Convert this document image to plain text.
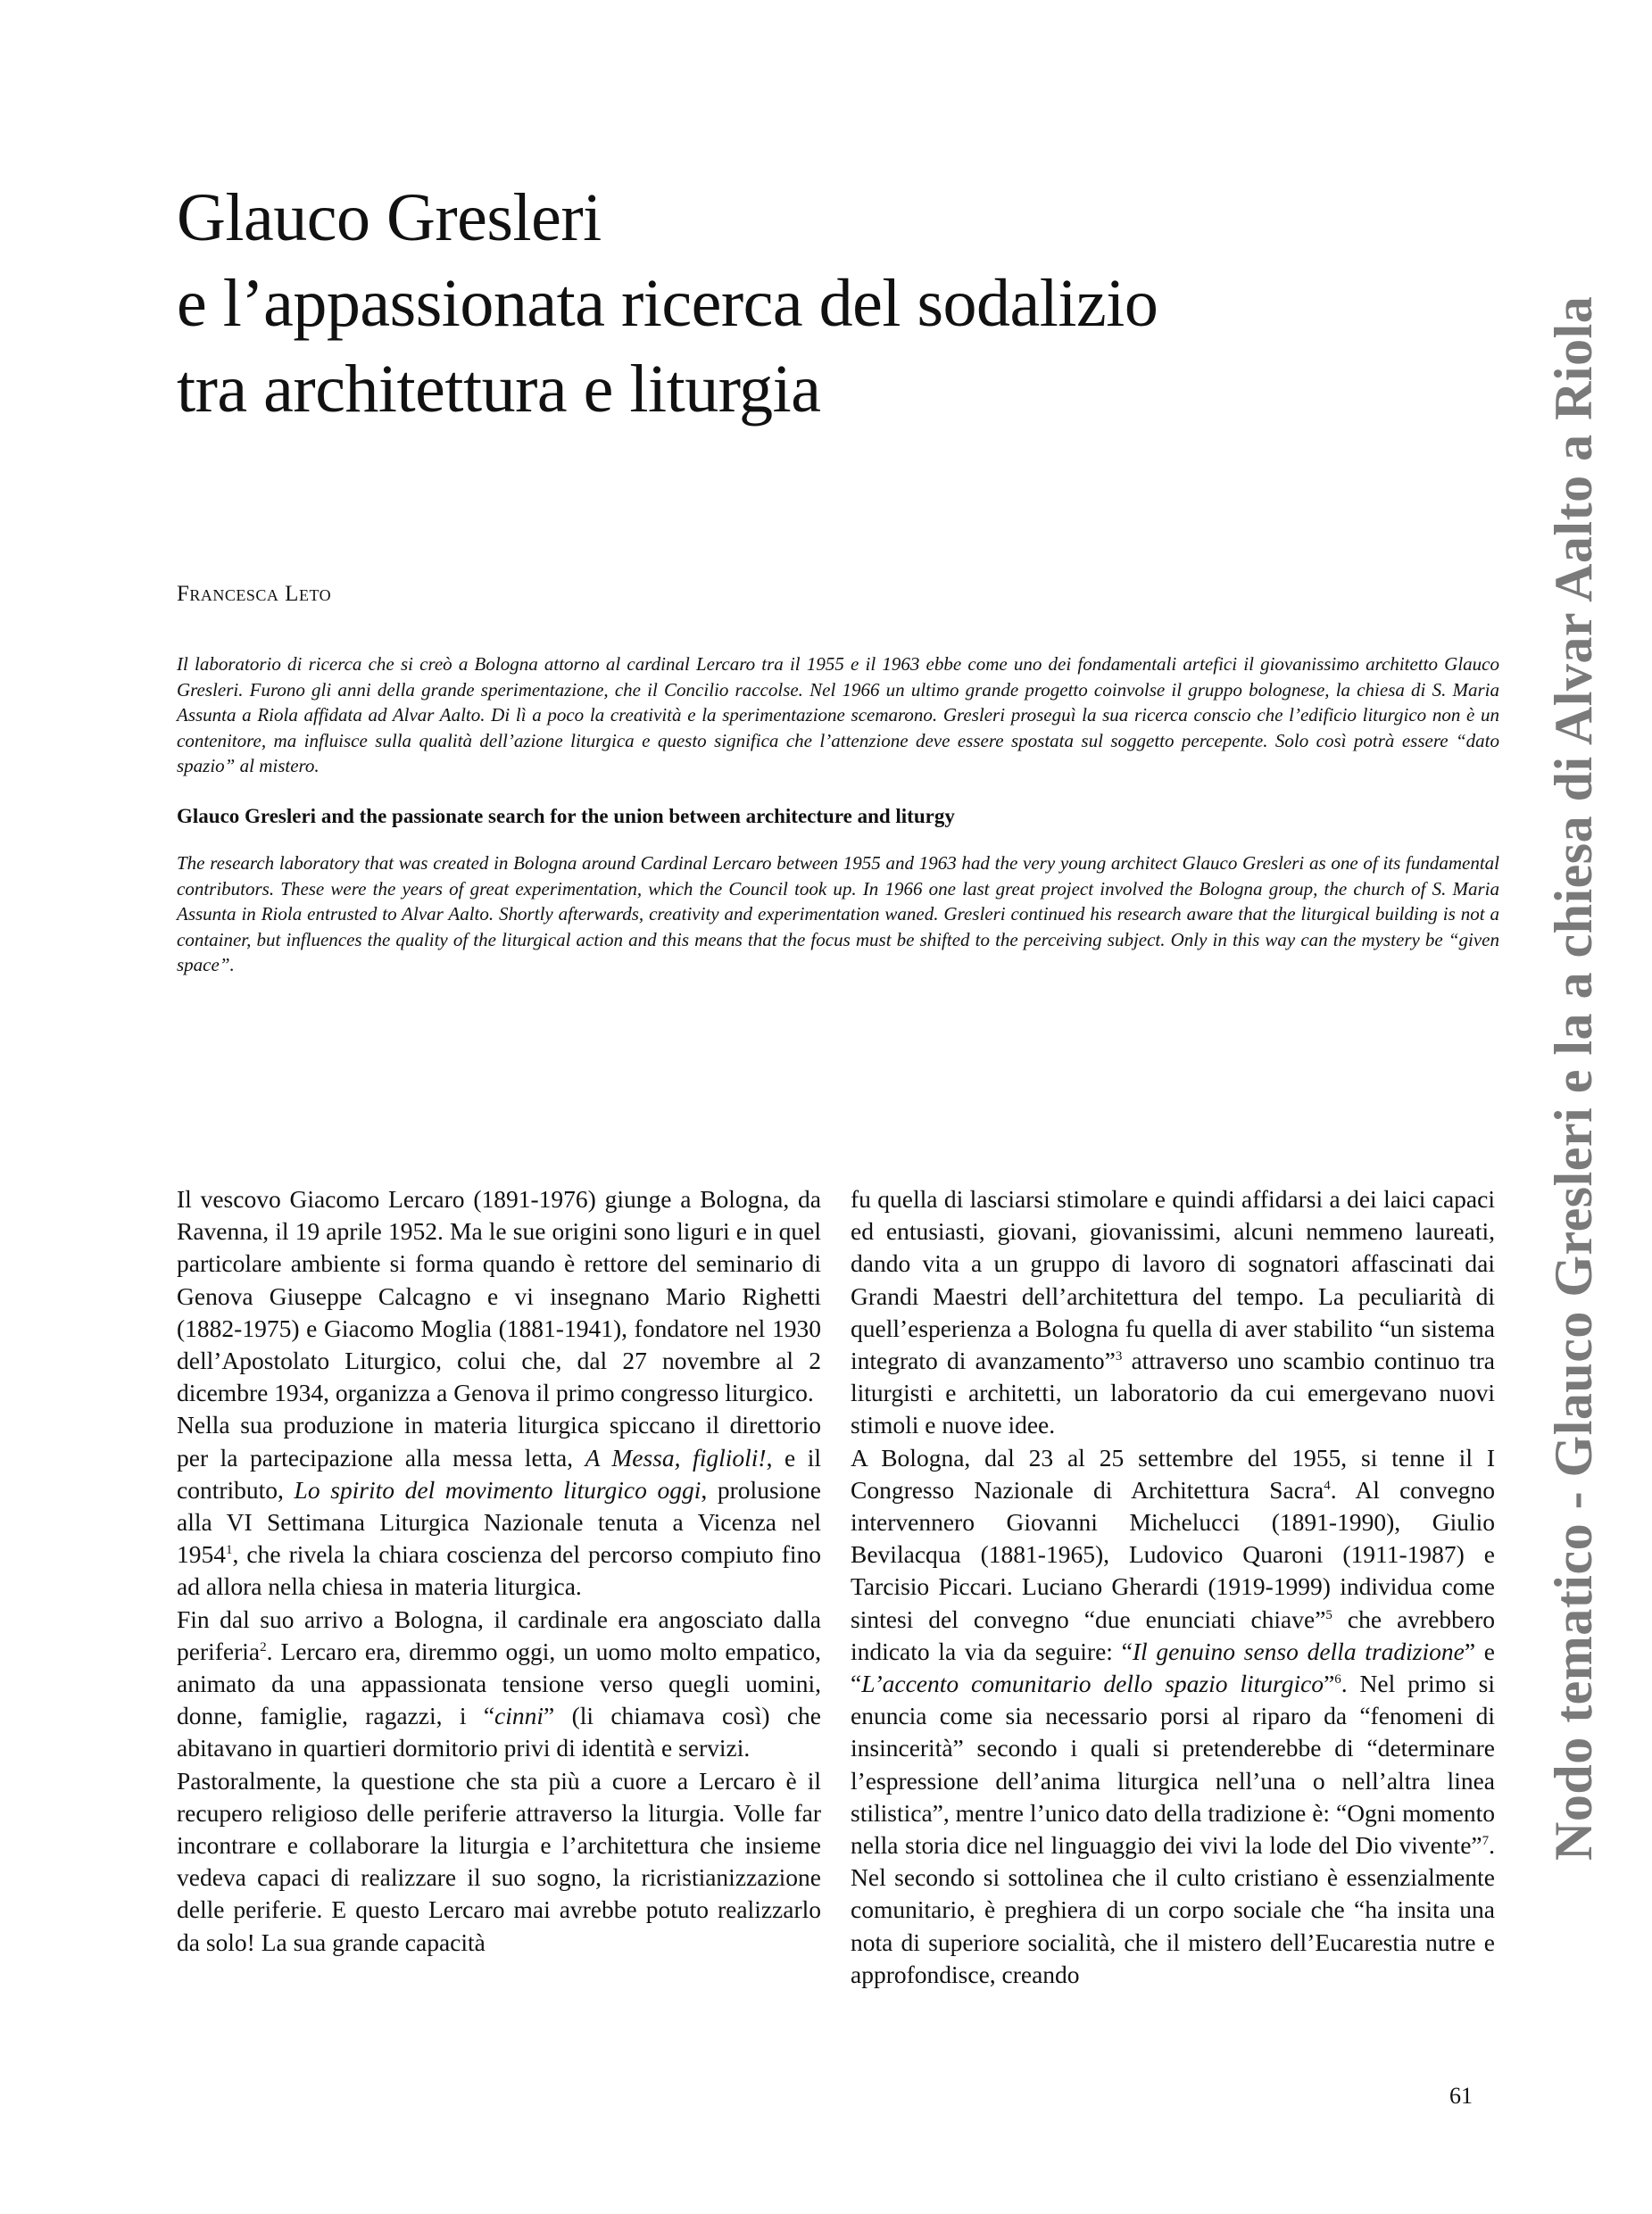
Glauco Gresleri
e l’appassionata ricerca del sodalizio
tra architettura e liturgia
Francesca Leto

Il laboratorio di ricerca che si creò a Bologna attorno al cardinal Lercaro tra il 1955 e il 1963 ebbe come uno dei fondamentali artefici il giovanissimo architetto Glauco Gresleri. Furono gli anni della grande sperimentazione, che il Concilio raccolse. Nel 1966 un ultimo grande progetto coinvolse il gruppo bolognese, la chiesa di S. Maria Assunta a Riola affidata ad Alvar Aalto. Di lì a poco la creatività e la sperimentazione scemarono. Gresleri proseguì la sua ricerca conscio che l’edificio liturgico non è un contenitore, ma influisce sulla qualità dell’azione liturgica e questo significa che l’attenzione deve essere spostata sul soggetto percepente. Solo così potrà essere “dato spazio” al mistero.

Glauco Gresleri and the passionate search for the union between architecture and liturgy

The research laboratory that was created in Bologna around Cardinal Lercaro between 1955 and 1963 had the very young architect Glauco Gresleri as one of its fundamental contributors. These were the years of great experimentation, which the Council took up. In 1966 one last great project involved the Bologna group, the church of S. Maria Assunta in Riola entrusted to Alvar Aalto. Shortly afterwards, creativity and experimentation waned. Gresleri continued his research aware that the liturgical building is not a container, but influences the quality of the liturgical action and this means that the focus must be shifted to the perceiving subject. Only in this way can the mystery be “given space”.

Il vescovo Giacomo Lercaro (1891-1976) giunge a Bologna, da Ravenna, il 19 aprile 1952. Ma le sue origini sono liguri e in quel particolare ambiente si forma quando è rettore del seminario di Genova Giuseppe Calcagno e vi insegnano Mario Righetti (1882-1975) e Giacomo Moglia (1881-1941), fondatore nel 1930 dell’Apostolato Liturgico, colui che, dal 27 novembre al 2 dicembre 1934, organizza a Genova il primo congresso liturgico.

Nella sua produzione in materia liturgica spiccano il direttorio per la partecipazione alla messa letta, A Messa, figlioli!, e il contributo, Lo spirito del movimento liturgico oggi, prolusione alla VI Settimana Liturgica Nazionale tenuta a Vicenza nel 1954$^1$, che rivela la chiara coscienza del percorso compiuto fino ad allora nella chiesa in materia liturgica.

Fin dal suo arrivo a Bologna, il cardinale era angosciato dalla periferia$^2$. Lercaro era, diremmo oggi, un uomo molto empatico, animato da una appassionata tensione verso quegli uomini, donne, famiglie, ragazzi, i “cinni” (li chiamava così) che abitavano in quartieri dormitorio privi di identità e servizi.

Pastoralmente, la questione che sta più a cuore a Lercaro è il recupero religioso delle periferie attraverso la liturgia. Volle far incontrare e collaborare la liturgia e l’architettura che insieme vedeva capaci di realizzare il suo sogno, la ricristianizzazione delle periferie. E questo Lercaro mai avrebbe potuto realizzarlo da solo! La sua grande capacità

fu quella di lasciarsi stimolare e quindi affidarsi a dei laici capaci ed entusiasti, giovani, giovanissimi, alcuni nemmeno laureati, dando vita a un gruppo di lavoro di sognatori affascinati dai Grandi Maestri dell’architettura del tempo. La peculiarità di quell’esperienza a Bologna fu quella di aver stabilito “un sistema integrato di avanzamento”$^3$ attraverso uno scambio continuo tra liturgisti e architetti, un laboratorio da cui emergevano nuovi stimoli e nuove idee.

A Bologna, dal 23 al 25 settembre del 1955, si tenne il I Congresso Nazionale di Architettura Sacra$^4$. Al convegno intervennero Giovanni Michelucci (1891-1990), Giulio Bevilacqua (1881-1965), Ludovico Quaroni (1911-1987) e Tarcisio Piccari. Luciano Gherardi (1919-1999) individua come sintesi del convegno “due enunciati chiave”$^5$ che avrebbero indicato la via da seguire: “Il genuino senso della tradizione” e “L’accento comunitario dello spazio liturgico”$^6$. Nel primo si enuncia come sia necessario porsi al riparo da “fenomeni di insincerità” secondo i quali si pretenderebbe di “determinare l’espressione dell’anima liturgica nell’una o nell’altra linea stilistica”, mentre l’unico dato della tradizione è: “Ogni momento nella storia dice nel linguaggio dei vivi la lode del Dio vivente”$^7$. Nel secondo si sottolinea che il culto cristiano è essenzialmente comunitario, è preghiera di un corpo sociale che “ha insita una nota di superiore socialità, che il mistero dell’Eucarestia nutre e approfondisce, creando

Nodo tematico - Glauco Gresleri e la a chiesa di Alvar Aalto a Riola
61
